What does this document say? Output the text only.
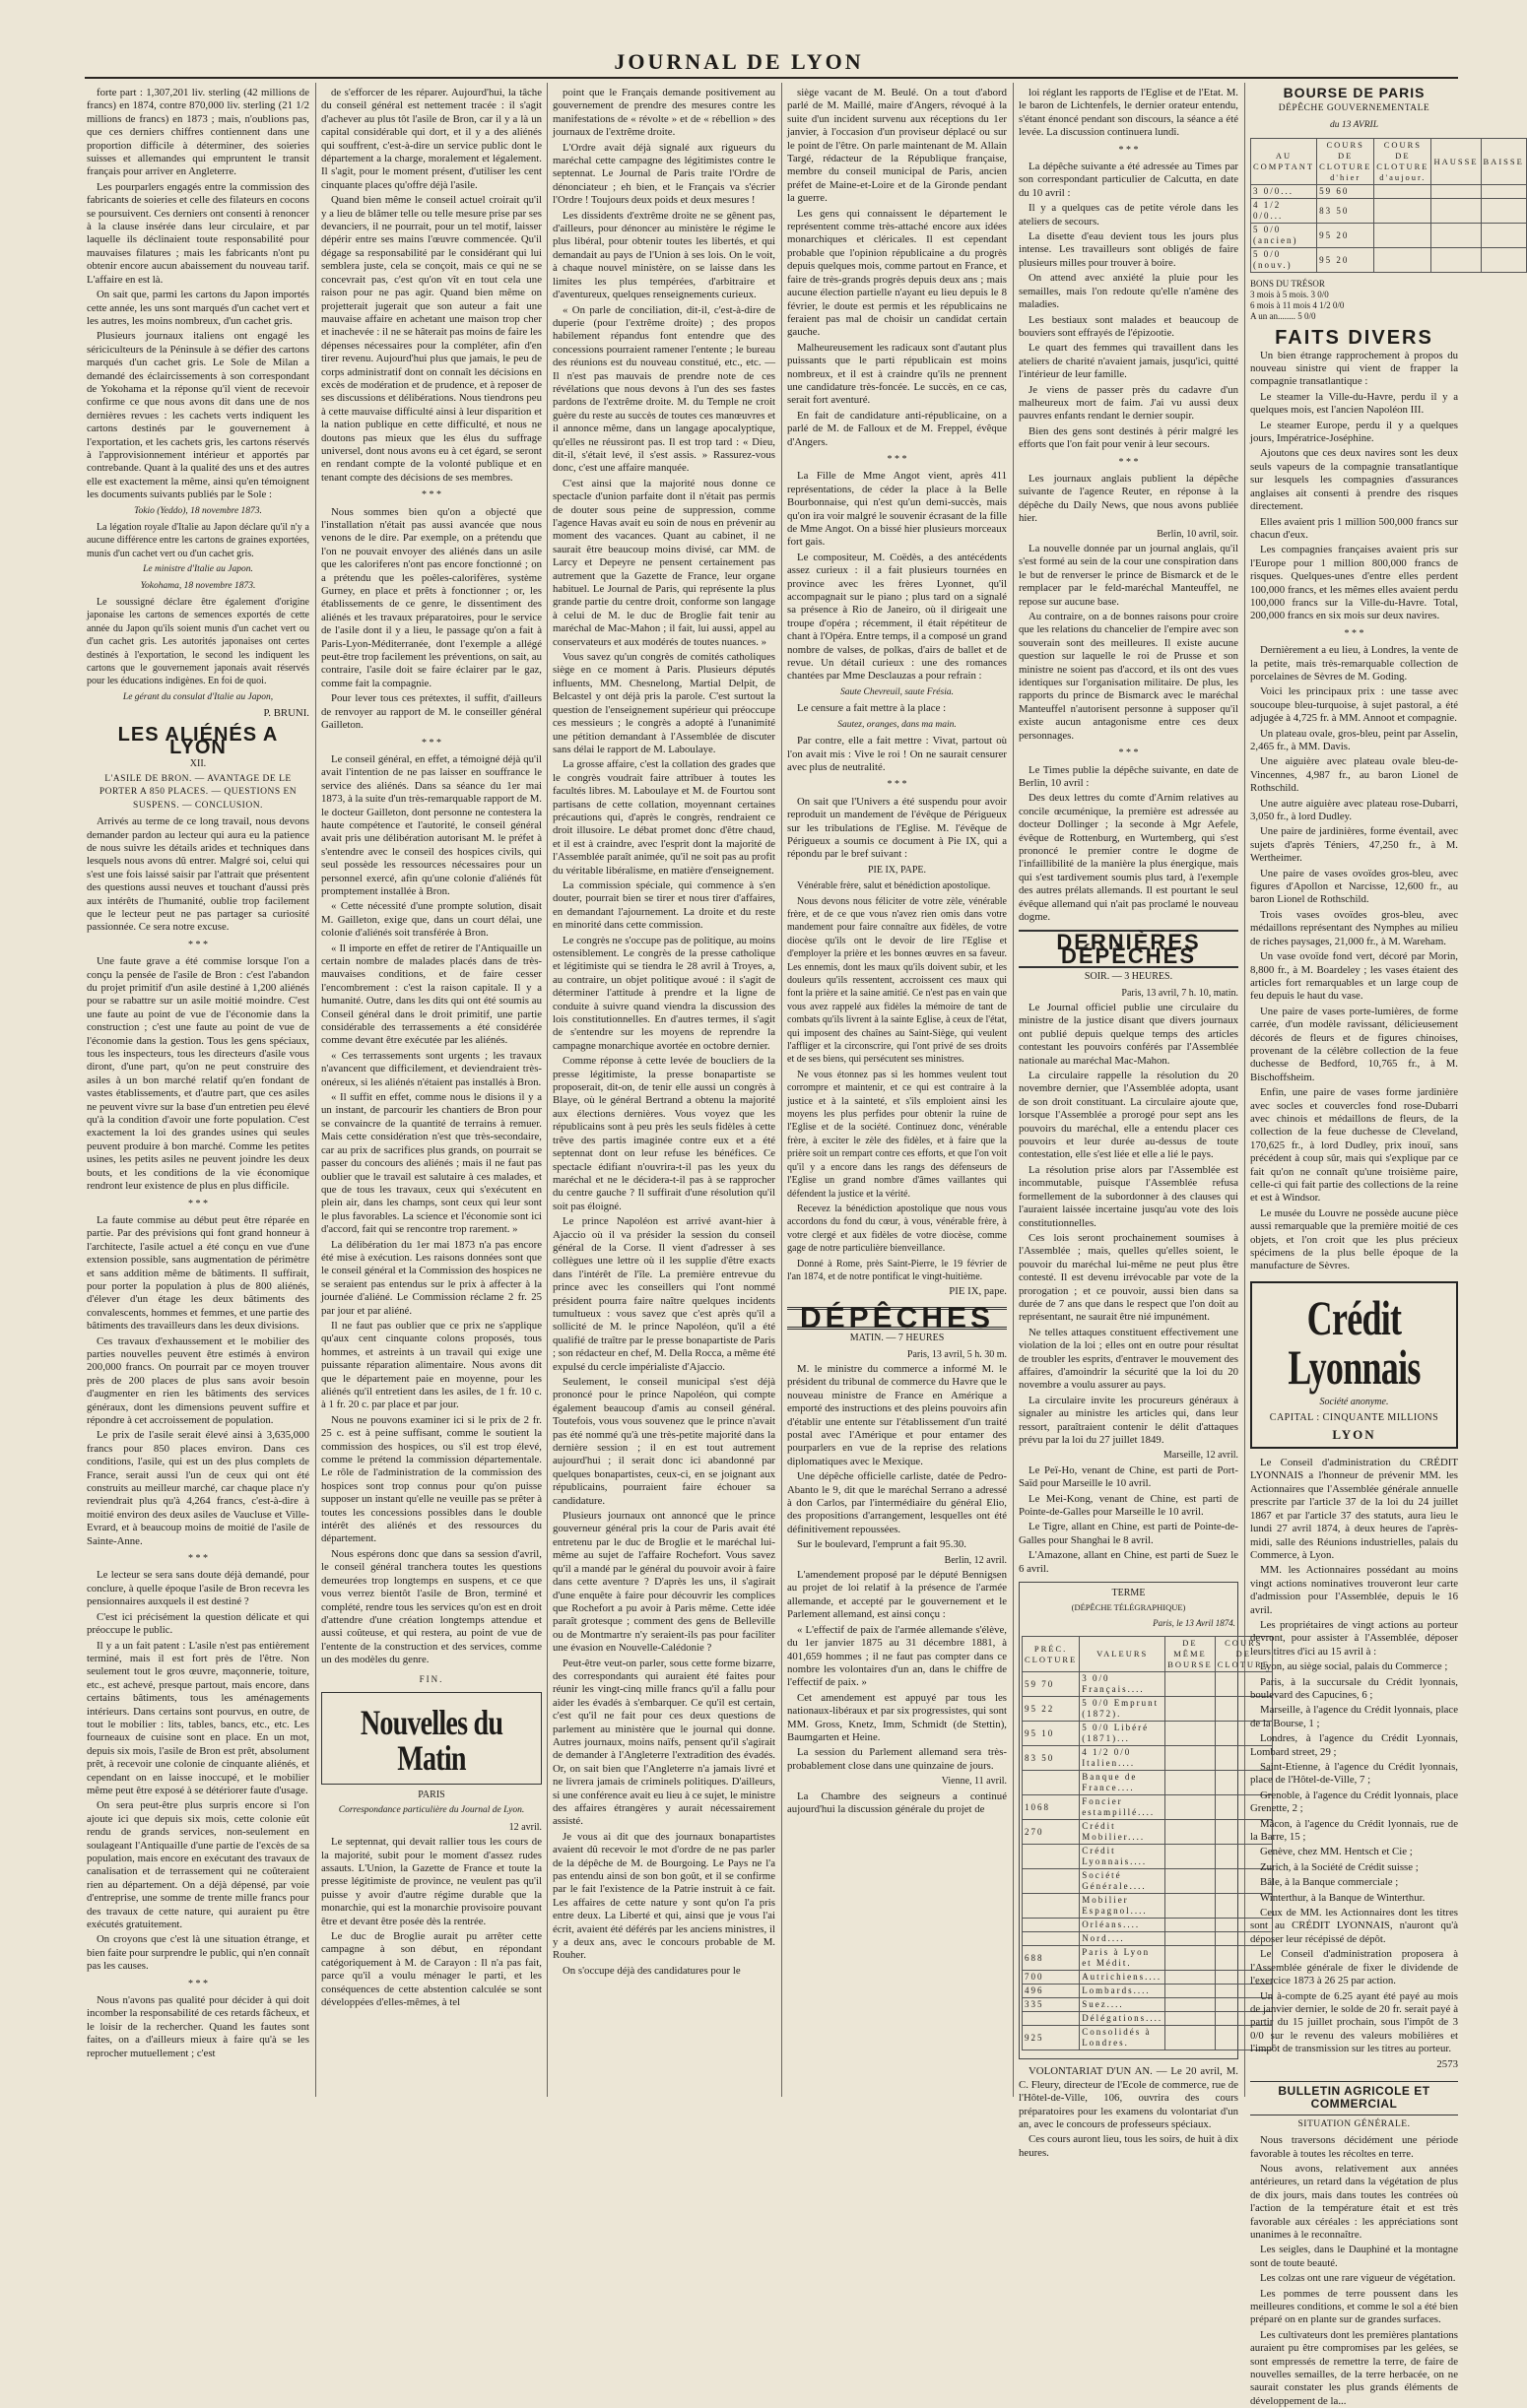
JOURNAL DE LYON

forte part : 1,307,201 liv. sterling (42 millions de francs) en 1874, contre 870,000 liv. sterling (21 1/2 millions de francs) en 1873 ; mais, n'oublions pas, que ces derniers chiffres contiennent dans une proportion difficile à déterminer, des soieries suisses et allemandes qui empruntent le transit français pour arriver en Angleterre.

Les pourparlers engagés entre la commission des fabricants de soieries et celle des filateurs en cocons se poursuivent. Ces derniers ont consenti à renoncer à la clause insérée dans leur circulaire, et par laquelle ils déclinaient toute responsabilité pour mauvaises filatures ; mais les fabricants n'ont pu obtenir encore aucun abaissement du nouveau tarif. L'affaire en est là.

On sait que, parmi les cartons du Japon importés cette année, les uns sont marqués d'un cachet vert et les autres, les moins nombreux, d'un cachet gris.

Plusieurs journaux italiens ont engagé les sériciculteurs de la Péninsule à se défier des cartons marqués d'un cachet gris. Le Sole de Milan a demandé des éclaircissements à son correspondant de Yokohama et la réponse qu'il vient de recevoir confirme ce que nous avons dit dans une de nos dernières revues : les cachets verts indiquent les cartons destinés par le gouvernement à l'exportation, et les cachets gris, les cartons réservés à l'approvisionnement intérieur et apportés par contrebande. Quant à la qualité des uns et des autres elle est exactement la même, ainsi qu'en témoignent les documents suivants publiés par le Sole :

Tokio (Yeddo), 18 novembre 1873.

La légation royale d'Italie au Japon déclare qu'il n'y a aucune différence entre les cartons de graines exportées, munis d'un cachet vert ou d'un cachet gris.

Le ministre d'Italie au Japon.

Yokohama, 18 novembre 1873.

Le soussigné déclare être également d'origine japonaise les cartons de semences exportés de cette année du Japon qu'ils soient munis d'un cachet vert ou d'un cachet gris. Les autorités japonaises ont certes destinés à l'exportation, le second les indiquent les cartons que le gouvernement japonais avait réservés pour les éducations indigènes. En foi de quoi.

Le gérant du consulat d'Italie au Japon,

P. BRUNI.

LES ALIÉNÉS A LYON

XII.

L'ASILE DE BRON. — AVANTAGE DE LE PORTER A 850 PLACES. — QUESTIONS EN SUSPENS. — CONCLUSION.

Arrivés au terme de ce long travail, nous devons demander pardon au lecteur qui aura eu la patience de nous suivre les détails arides et techniques dans lesquels nous avons dû entrer. Malgré soi, celui qui s'est une fois laissé saisir par l'attrait que présentent des questions aussi neuves et touchant d'aussi près aux intérêts de l'humanité, oublie trop facilement que le lecteur peut ne pas partager sa curiosité passionnée. Ce sera notre excuse.

* * *

Une faute grave a été commise lorsque l'on a conçu la pensée de l'asile de Bron : c'est l'abandon du projet primitif d'un asile destiné à 1,200 aliénés pour se rabattre sur un asile moitié moindre. C'est une faute au point de vue de l'économie dans la construction ; c'est une faute au point de vue de l'économie dans la gestion. Tous les gens spéciaux, tous les inspecteurs, tous les directeurs d'asile vous diront, d'une part, qu'on ne peut construire des asiles à un bon marché relatif qu'en fondant de vastes établissements, et d'autre part, que ces asiles ne peuvent vivre sur la base d'un entretien peu élevé qu'à la condition d'avoir une forte population. C'est exactement la loi des grandes usines qui seules peuvent produire à bon marché. Comme les petites usines, les petits asiles ne peuvent joindre les deux bouts, et les conditions de la vie économique rendront leur existence de plus en plus difficile.

* * *

La faute commise au début peut être réparée en partie. Par des prévisions qui font grand honneur à l'architecte, l'asile actuel a été conçu en vue d'une extension possible, sans augmentation de périmètre et sans addition même de bâtiments. Il suffirait, pour porter la population à plus de 800 aliénés, d'élever d'un étage les deux bâtiments des convalescents, hommes et femmes, et une partie des bâtiments des travailleurs dans les deux divisions.

Ces travaux d'exhaussement et le mobilier des parties nouvelles peuvent être estimés à environ 200,000 francs. On pourrait par ce moyen trouver près de 200 places de plus sans avoir besoin d'augmenter en rien les bâtiments des services généraux, dont les dimensions peuvent suffire et répondre à cet accroissement de population.

Le prix de l'asile serait élevé ainsi à 3,635,000 francs pour 850 places environ. Dans ces conditions, l'asile, qui est un des plus complets de France, serait aussi l'un de ceux qui ont été construits au meilleur marché, car chaque place n'y reviendrait plus qu'à 4,264 francs, c'est-à-dire à moitié environ des deux asiles de Vaucluse et Ville-Evrard, et à beaucoup moins de moitié de l'asile de Sainte-Anne.

* * *

Le lecteur se sera sans doute déjà demandé, pour conclure, à quelle époque l'asile de Bron recevra les pensionnaires auxquels il est destiné ?

C'est ici précisément la question délicate et qui préoccupe le public.

Il y a un fait patent : L'asile n'est pas entièrement terminé, mais il est fort près de l'être. Non seulement tout le gros œuvre, maçonnerie, toiture, etc., est achevé, presque partout, mais encore, dans certains bâtiments, tous les aménagements intérieurs. Dans certains sont pourvus, en outre, de tout le mobilier : lits, tables, bancs, etc., etc. Les fourneaux de cuisine sont en place. En un mot, depuis six mois, l'asile de Bron est prêt, absolument prêt, à recevoir une colonie de cinquante aliénés, et cependant on en laisse inoccupé, et le mobilier même peut être exposé à se détériorer faute d'usage.

On sera peut-être plus surpris encore si l'on ajoute ici que depuis six mois, cette colonie eût rendu de grands services, non-seulement en soulageant l'Antiquaille d'une partie de l'excès de sa population, mais encore en exécutant des travaux de canalisation et de terrassement qui ne coûteraient rien au département. On a déjà dépensé, par voie d'entreprise, une somme de trente mille francs pour des travaux de cette nature, qui auraient pu être exécutés gratuitement.

On croyons que c'est là une situation étrange, et bien faite pour surprendre le public, qui n'en connaît pas les causes.

* * *

Nous n'avons pas qualité pour décider à qui doit incomber la responsabilité de ces retards fâcheux, et le loisir de la rechercher. Quand les fautes sont faites, on a d'ailleurs mieux à faire qu'à se les reprocher mutuellement ; c'est

de s'efforcer de les réparer. Aujourd'hui, la tâche du conseil général est nettement tracée : il s'agit d'achever au plus tôt l'asile de Bron, car il y a là un capital considérable qui dort, et il y a des aliénés qui souffrent, c'est-à-dire un service public dont le département a la charge, moralement et légalement. Il s'agit, pour le moment présent, d'utiliser les cent cinquante places qu'offre déjà l'asile.

Quand bien même le conseil actuel croirait qu'il y a lieu de blâmer telle ou telle mesure prise par ses devanciers, il ne pourrait, pour un tel motif, laisser dépérir entre ses mains l'œuvre commencée. Qu'il dégage sa responsabilité par le considérant qui lui semblera juste, cela se conçoit, mais ce qui ne se concevrait pas, c'est qu'on vît en tout cela une raison pour ne pas agir. Quand bien même on projetterait jugerait que son auteur a fait une mauvaise affaire en achetant une maison trop cher et inachevée : il ne se hâterait pas moins de faire les dépenses nécessaires pour la compléter, afin d'en tirer revenu. Aujourd'hui plus que jamais, le peu de corps administratif dont on connaît les décisions en excès de modération et de prudence, et à reposer de ses discussions et délibérations. Nous tiendrons peu à cette mauvaise difficulté ainsi à leur disparition et la nation publique en cette difficulté, et nous ne doutons pas mieux que les élus du suffrage universel, dont nous avons eu à cet égard, se seront en rendant compte de la volonté publique et en tenant compte des décisions de ses membres.

* * *

Nous sommes bien qu'on a objecté que l'installation n'était pas aussi avancée que nous venons de le dire. Par exemple, on a prétendu que l'on ne pouvait envoyer des aliénés dans un asile que les caloriferes n'ont pas encore fonctionné ; on a prétendu que les poêles-calorifères, système Gurney, en place et prêts à fonctionner ; or, les établissements de ce genre, le dissentiment des aliénés et les travaux préparatoires, pour le service de l'asile dont il y a lieu, le passage qu'on a fait à Paris-Lyon-Méditerranée, dont l'exemple a allégé peut-être trop facilement les préventions, on sait, au contraire, l'asile doit se faire éclairer par le gaz, comme fait la compagnie.

Pour lever tous ces prétextes, il suffit, d'ailleurs de renvoyer au rapport de M. le conseiller général Gailleton.

* * *

Le conseil général, en effet, a témoigné déjà qu'il avait l'intention de ne pas laisser en souffrance le service des aliénés. Dans sa séance du 1er mai 1873, à la suite d'un très-remarquable rapport de M. le docteur Gailleton, dont personne ne contestera la haute compétence et l'autorité, le conseil général avait pris une délibération autorisant M. le préfet à s'entendre avec le conseil des hospices civils, qui seul possède les ressources nécessaires pour un personnel exercé, afin qu'une colonie d'aliénés fût promptement installée à Bron.

« Cette nécessité d'une prompte solution, disait M. Gailleton, exige que, dans un court délai, une colonie d'aliénés soit transférée à Bron.

« Il importe en effet de retirer de l'Antiquaille un certain nombre de malades placés dans de très-mauvaises conditions, et de faire cesser l'encombrement : c'est la raison capitale. Il y a humanité. Outre, dans les dits qui ont été soumis au Conseil général dans le droit primitif, une partie considérable des terrassements a été considérée comme devant être exécutée par les aliénés.

« Ces terrassements sont urgents ; les travaux n'avancent que difficilement, et deviendraient très-onéreux, si les aliénés n'étaient pas installés à Bron.

« Il suffit en effet, comme nous le disions il y a un instant, de parcourir les chantiers de Bron pour se convaincre de la quantité de terrains à remuer. Mais cette considération n'est que très-secondaire, car au prix de sacrifices plus grands, on pourrait se passer du concours des aliénés ; mais il ne faut pas oublier que le travail est salutaire à ces malades, et que de tous les travaux, ceux qui s'exécutent en plein air, dans les champs, sont ceux qui leur sont le plus favorables. La science et l'économie sont ici d'accord, fait qui se rencontre trop rarement. »

La délibération du 1er mai 1873 n'a pas encore été mise à exécution. Les raisons données sont que le conseil général et la Commission des hospices ne se seraient pas entendus sur le prix à affecter à la journée d'aliéné. Le Commission réclame 2 fr. 25 par jour et par aliéné.

Il ne faut pas oublier que ce prix ne s'applique qu'aux cent cinquante colons proposés, tous hommes, et astreints à un travail qui exige une puissante réparation alimentaire. Nous avons dit que le département paie en moyenne, pour les aliénés qu'il entretient dans les asiles, de 1 fr. 10 c. à 1 fr. 20 c. par place et par jour.

Nous ne pouvons examiner ici si le prix de 2 fr. 25 c. est à peine suffisant, comme le soutient la commission des hospices, ou s'il est trop élevé, comme le prétend la commission départementale. Le rôle de l'administration de la commission des hospices sont trop connus pour qu'on puisse supposer un instant qu'elle ne veuille pas se prêter à toutes les concessions possibles dans le double intérêt des aliénés et des ressources du département.

Nous espérons donc que dans sa session d'avril, le conseil général tranchera toutes les questions demeurées trop longtemps en suspens, et ce que vous verrez bientôt l'asile de Bron, terminé et complété, rendre tous les services qu'on est en droit d'attendre d'une création longtemps attendue et aussi coûteuse, et qui restera, au point de vue de l'entente de la construction et des services, comme un des modèles du genre.

FIN.

Nouvelles du Matin

PARIS

Correspondance particulière du Journal de Lyon.

12 avril.

Le septennat, qui devait rallier tous les cours de la majorité, subit pour le moment d'assez rudes assauts. L'Union, la Gazette de France et toute la presse légitimiste de province, ne veulent pas qu'il puisse y avoir d'autre régime durable que la monarchie, qui est la monarchie provisoire pouvant être et devant être posée dès la rentrée.

Le duc de Broglie aurait pu arrêter cette campagne à son début, en répondant catégoriquement à M. de Carayon : Il n'a pas fait, parce qu'il a voulu ménager le parti, et les conséquences de cette abstention calculée se sont développées d'elles-mêmes, à tel

point que le Français demande positivement au gouvernement de prendre des mesures contre les manifestations de « révolte » et de « rébellion » des journaux de l'extrême droite.

L'Ordre avait déjà signalé aux rigueurs du maréchal cette campagne des légitimistes contre le septennat. Le Journal de Paris traite l'Ordre de dénonciateur ; eh bien, et le Français va s'écrier l'Ordre ! Toujours deux poids et deux mesures !

Les dissidents d'extrême droite ne se gênent pas, d'ailleurs, pour dénoncer au ministère le régime le plus libéral, pour obtenir toutes les libertés, et qui demandait au pays de l'Union à ses lois. On le voit, à chaque nouvel ministère, on se laisse dans les limites les plus tempérées, d'arbitraire et d'aventureux, quelques renseignements curieux.

« On parle de conciliation, dit-il, c'est-à-dire de duperie (pour l'extrême droite) ; des propos habilement répandus font entendre que des concessions pourraient ramener l'entente ; le bureau des réunions est du nouveau constitué, etc., etc. — Il n'est pas mauvais de prendre note de ces révélations que nous devons à l'un des ses fastes pardons de l'extrême droite. M. du Temple ne croit guère du reste au succès de toutes ces manœuvres et il annonce même, dans un langage apocalyptique, qu'elles ne réussiront pas. Il est trop tard : « Dieu, dit-il, s'était levé, il s'est assis. » Rassurez-vous donc, c'est une affaire manquée.

C'est ainsi que la majorité nous donne ce spectacle d'union parfaite dont il n'était pas permis de douter sous peine de suppression, comme l'agence Havas avait eu soin de nous en prévenir au moment des vacances. Quant au cabinet, il ne saurait être beaucoup moins divisé, car MM. de Larcy et Depeyre ne pensent certainement pas autrement que la Gazette de France, leur organe habituel. Le Journal de Paris, qui représente la plus grande partie du centre droit, conforme son langage à celui de M. le duc de Broglie fait tenir au maréchal de Mac-Mahon ; il fait, lui aussi, appel au conservateurs et aux modérés de toutes nuances. »

Vous savez qu'un congrès de comités catholiques siège en ce moment à Paris. Plusieurs députés influents, MM. Chesnelong, Martial Delpit, de Belcastel y ont déjà pris la parole. C'est surtout la question de l'enseignement supérieur qui préoccupe ces messieurs ; le congrès a adopté à l'unanimité une pétition demandant à l'Assemblée de discuter sans délai le rapport de M. Laboulaye.

La grosse affaire, c'est la collation des grades que le congrès voudrait faire attribuer à toutes les facultés libres. M. Laboulaye et M. de Fourtou sont partisans de cette collation, moyennant certaines précautions qui, d'après le congrès, rendraient ce droit illusoire. Le débat promet donc d'être chaud, et il est à craindre, avec l'esprit dont la majorité de l'Assemblée paraît animée, qu'il ne soit pas au profit du véritable libéralisme, en matière d'enseignement.

La commission spéciale, qui commence à s'en douter, pourrait bien se tirer et nous tirer d'affaires, en demandant l'ajournement. La droite et du reste en minorité dans cette commission.

Le congrès ne s'occupe pas de politique, au moins ostensiblement. Le congrès de la presse catholique et légitimiste qui se tiendra le 28 avril à Troyes, a, au contraire, un objet politique avoué : il s'agit de déterminer l'attitude à prendre et la ligne de conduite à suivre quand viendra la discussion des lois constitutionnelles. En d'autres termes, il s'agit de s'entendre sur les moyens de reprendre la campagne monarchique avortée en octobre dernier.

Comme réponse à cette levée de boucliers de la presse légitimiste, la presse bonapartiste se proposerait, dit-on, de tenir elle aussi un congrès à Blaye, où le général Bertrand a obtenu la majorité aux élections dernières. Vous voyez que les républicains sont à peu près les seuls fidèles à cette trêve des partis imaginée contre eux et a été septennat dont on leur refuse les bénéfices. Ce spectacle édifiant n'ouvrira-t-il pas les yeux du maréchal et ne le décidera-t-il pas à se rapprocher du centre gauche ? Il suffirait d'une résolution qu'il soit pas éloigné.

Le prince Napoléon est arrivé avant-hier à Ajaccio où il va présider la session du conseil général de la Corse. Il vient d'adresser à ses collègues une lettre où il les supplie d'être exacts dans l'intérêt de l'île. La première entrevue du prince avec les conseillers qui l'ont nommé président pourra faire naître quelques incidents tumultueux : vous savez que c'est après qu'il a sollicité de M. le prince Napoléon, qu'il a été qualifié de traître par le presse bonapartiste de Paris ; son rédacteur en chef, M. Della Rocca, a même été expulsé du cercle impérialiste d'Ajaccio.

Seulement, le conseil municipal s'est déjà prononcé pour le prince Napoléon, qui compte également beaucoup d'amis au conseil général. Toutefois, vous vous souvenez que le prince n'avait pas été nommé qu'à une très-petite majorité dans la dernière session ; il en est tout autrement aujourd'hui ; il serait donc ici abandonné par quelques bonapartistes, ceux-ci, en se joignant aux républicains, pourraient faire échouer sa candidature.

Plusieurs journaux ont annoncé que le prince gouverneur général pris la cour de Paris avait été entretenu par le duc de Broglie et le maréchal lui-même au sujet de l'affaire Rochefort. Vous savez qu'il a mandé par le général du pouvoir avoir à faire dans cette aventure ? D'après les uns, il s'agirait d'une enquête à faire pour découvrir les complices que Rochefort a pu avoir à Paris même. Cette idée paraît grotesque ; comment des gens de Belleville ou de Montmartre n'y seraient-ils pas pour faciliter une évasion en Nouvelle-Calédonie ?

Peut-être veut-on parler, sous cette forme bizarre, des correspondants qui auraient été faites pour réunir les vingt-cinq mille francs qu'il a fallu pour aider les évadés à s'embarquer. Ce qu'il est certain, c'est qu'il ne fait pour ces deux questions de parlement au ministère que le journal qui donne. Autres journaux, moins naïfs, pensent qu'il s'agirait de demander à l'Angleterre l'extradition des évadés. Or, on sait bien que l'Angleterre n'a jamais livré et ne livrera jamais de criminels politiques. D'ailleurs, si une conférence avait eu lieu à ce sujet, le ministre des affaires étrangères y aurait nécessairement assisté.

Je vous ai dit que des journaux bonapartistes avaient dû recevoir le mot d'ordre de ne pas parler de la dépêche de M. de Bourgoing. Le Pays ne l'a pas entendu ainsi de son bon goût, et il se confirme par le fait l'existence de la Patrie instruit à ce fait. Les affaires de cette nature y sont qu'on l'a pris entre deux. La Liberté et qui, ainsi que je vous l'ai écrit, avaient été déférés par les anciens ministres, il y a deux ans, avec le concours probable de M. Rouher.

On s'occupe déjà des candidatures pour le

siège vacant de M. Beulé. On a tout d'abord parlé de M. Maillé, maire d'Angers, révoqué à la suite d'un incident survenu aux réceptions du 1er janvier, à l'occasion d'un proviseur déplacé ou sur le point de l'être. On parle maintenant de M. Allain Targé, rédacteur de la République française, membre du conseil municipal de Paris, ancien préfet de Maine-et-Loire et de la Gironde pendant la guerre.

Les gens qui connaissent le département le représentent comme très-attaché encore aux idées monarchiques et cléricales. Il est cependant probable que l'opinion républicaine a du progrès depuis quelques mois, comme partout en France, et faire de très-grands progrès depuis deux ans ; mais aucune élection partielle n'ayant eu lieu depuis le 8 février, le doute est permis et les républicains ne feraient pas mal de choisir un candidat certain gauche.

Malheureusement les radicaux sont d'autant plus puissants que le parti républicain est moins nombreux, et il est à craindre qu'ils ne prennent une candidature très-foncée. Le succès, en ce cas, serait fort aventuré.

En fait de candidature anti-républicaine, on a parlé de M. de Falloux et de M. Freppel, évêque d'Angers.

* * *

La Fille de Mme Angot vient, après 411 représentations, de céder la place à la Belle Bourbonnaise, qui n'est qu'un demi-succès, mais qu'on ira voir malgré le souvenir écrasant de la fille de Mme Angot. On a bissé hier plusieurs morceaux fort gais.

Le compositeur, M. Coëdès, a des antécédents assez curieux : il a fait plusieurs tournées en province avec les frères Lyonnet, qu'il accompagnait sur le piano ; plus tard on a signalé sa présence à Rio de Janeiro, où il dirigeait une troupe d'opéra ; récemment, il était répétiteur de chant à l'Opéra. Entre temps, il a composé un grand nombre de valses, de polkas, d'airs de ballet et de revue. Un détail curieux : une des romances chantées par Mme Desclauzas a pour refrain :

Saute Chevreuil, saute Frésia.

Le censure a fait mettre à la place :

Sautez, oranges, dans ma main.

Par contre, elle a fait mettre : Vivat, partout où l'on avait mis : Vive le roi ! On ne saurait censurer avec plus de neutralité.

* * *

On sait que l'Univers a été suspendu pour avoir reproduit un mandement de l'évêque de Périgueux sur les tribulations de l'Eglise. M. l'évêque de Périgueux a soumis ce document à Pie IX, qui a répondu par le bref suivant :

PIE IX, PAPE.

Vénérable frère, salut et bénédiction apostolique.

Nous devons nous féliciter de votre zèle, vénérable frère, et de ce que vous n'avez rien omis dans votre mandement pour faire connaître aux fidèles, de votre diocèse qu'ils ont le devoir de lire l'Eglise et d'employer la prière et les bonnes œuvres en sa faveur. Les ennemis, dont les maux qu'ils doivent subir, et les douleurs qu'ils ressentent, accroissent ces maux qui font la prière et la saine amitié. Ce n'est pas en vain que vous avez rappelé aux fidèles la mémoire de tant de combats qu'ils livrent à la sainte Eglise, à ceux de l'état, qui imposent des chaînes au Saint-Siège, qui veulent l'affliger et la circonscrire, qui l'ont privé de ses droits et de ses biens, qui persécutent ses ministres.

Ne vous étonnez pas si les hommes veulent tout corrompre et maintenir, et ce qui est contraire à la justice et à la sainteté, et s'ils emploient ainsi les moyens les plus perfides pour obtenir la ruine de l'Eglise et de la société. Continuez donc, vénérable frère, à exciter le zèle des fidèles, et à faire que la prière soit un rempart contre ces efforts, et que l'on voit qu'il y a encore dans les rangs des défenseurs de l'Eglise un grand nombre d'âmes vaillantes qui défendent la justice et la vérité.

Recevez la bénédiction apostolique que nous vous accordons du fond du cœur, à vous, vénérable frère, à votre clergé et aux fidèles de votre diocèse, comme gage de notre particulière bienveillance.

Donné à Rome, près Saint-Pierre, le 19 février de l'an 1874, et de notre pontificat le vingt-huitième.

PIE IX, pape.

DÉPÊCHES

MATIN. — 7 HEURES

Paris, 13 avril, 5 h. 30 m.

M. le ministre du commerce a informé M. le président du tribunal de commerce du Havre que le nouveau ministre de France en Amérique a emporté des instructions et des pleins pouvoirs afin d'établir une entente sur l'établissement d'un traité postal avec l'Amérique et pour entamer des pourparlers en vue de la reprise des relations diplomatiques avec le Mexique.

Une dépêche officielle carliste, datée de Pedro-Abanto le 9, dit que le maréchal Serrano a adressé à don Carlos, par l'intermédiaire du général Elio, des propositions d'arrangement, lesquelles ont été définitivement repoussées.

Sur le boulevard, l'emprunt a fait 95.30.

Berlin, 12 avril.

L'amendement proposé par le député Bennigsen au projet de loi relatif à la présence de l'armée allemande, et accepté par le gouvernement et le Parlement allemand, est ainsi conçu :

« L'effectif de paix de l'armée allemande s'élève, du 1er janvier 1875 au 31 décembre 1881, à 401,659 hommes ; il ne faut pas compter dans ce nombre les volontaires d'un an, dans le chiffre de l'effectif de paix. »

Cet amendement est appuyé par tous les nationaux-libéraux et par six progressistes, qui sont MM. Gross, Knetz, Imm, Schmidt (de Stettin), Baumgarten et Heine.

La session du Parlement allemand sera très-probablement close dans une quinzaine de jours.

Vienne, 11 avril.

La Chambre des seigneurs a continué aujourd'hui la discussion générale du projet de

loi réglant les rapports de l'Eglise et de l'Etat. M. le baron de Lichtenfels, le dernier orateur entendu, s'étant énoncé pendant son discours, la séance a été levée. La discussion continuera lundi.

* * *

La dépêche suivante a été adressée au Times par son correspondant particulier de Calcutta, en date du 10 avril :

Il y a quelques cas de petite vérole dans les ateliers de secours.

La disette d'eau devient tous les jours plus intense. Les travailleurs sont obligés de faire plusieurs milles pour trouver à boire.

On attend avec anxiété la pluie pour les semailles, mais l'on redoute qu'elle n'amène des maladies.

Les bestiaux sont malades et beaucoup de bouviers sont effrayés de l'épizootie.

Le quart des femmes qui travaillent dans les ateliers de charité n'avaient jamais, jusqu'ici, quitté l'intérieur de leur famille.

Je viens de passer près du cadavre d'un malheureux mort de faim. J'ai vu aussi deux pauvres enfants rendant le dernier soupir.

Bien des gens sont destinés à périr malgré les efforts que l'on fait pour venir à leur secours.

* * *

Les journaux anglais publient la dépêche suivante de l'agence Reuter, en réponse à la dépêche du Daily News, que nous avons publiée hier.

Berlin, 10 avril, soir.

La nouvelle donnée par un journal anglais, qu'il s'est formé au sein de la cour une conspiration dans le but de renverser le prince de Bismarck et de le remplacer par le feld-maréchal Manteuffel, ne repose sur aucune base.

Au contraire, on a de bonnes raisons pour croire que les relations du chancelier de l'empire avec son souverain sont des meilleures. Il existe aucune question sur laquelle le roi de Prusse et son ministre ne soient pas d'accord, et ils ont des vues identiques sur l'organisation militaire. De plus, les rapports du prince de Bismarck avec le maréchal Manteuffel n'autorisent personne à supposer qu'il existe aucun antagonisme entre ces deux personnages.

* * *

Le Times publie la dépêche suivante, en date de Berlin, 10 avril :

Des deux lettres du comte d'Arnim relatives au concile œcuménique, la première est adressée au docteur Dollinger ; la seconde à Mgr Aefele, évêque de Rottenburg, en Wurtemberg, qui s'est prononcé le premier contre le dogme de l'infaillibilité de la manière la plus énergique, mais qui s'est tardivement soumis plus tard, à l'exemple des autres prélats allemands. Il est pourtant le seul évêque allemand qui n'ait pas proclamé le nouveau dogme.

DERNIÈRES DÉPÊCHES

SOIR. — 3 HEURES.

Paris, 13 avril, 7 h. 10, matin.

Le Journal officiel publie une circulaire du ministre de la justice disant que divers journaux ont publié depuis quelque temps des articles contestant les pouvoirs conférés par l'Assemblée nationale au maréchal Mac-Mahon.

La circulaire rappelle la résolution du 20 novembre dernier, que l'Assemblée adopta, usant de son droit constituant. La circulaire ajoute que, lorsque l'Assemblée a prorogé pour sept ans les pouvoirs du maréchal, elle a entendu placer ces pouvoirs et leur durée au-dessus de toute contestation, elle s'est liée et elle a lié le pays.

La résolution prise alors par l'Assemblée est incommutable, puisque l'Assemblée refusa formellement de la subordonner à des clauses qui l'auraient laissée incertaine jusqu'au vote des lois constitutionnelles.

Ces lois seront prochainement soumises à l'Assemblée ; mais, quelles qu'elles soient, le pouvoir du maréchal lui-même ne peut plus être contesté. Il est devenu irrévocable par vote de la prorogation ; et ce pouvoir, aussi bien dans sa durée de 7 ans que dans le respect que l'on doit au représentant, ne saurait être nié impunément.

Ne telles attaques constituent effectivement une violation de la loi ; elles ont en outre pour résultat de troubler les esprits, d'entraver le mouvement des affaires, d'amoindrir la sécurité que la loi du 20 novembre a voulu assurer au pays.

La circulaire invite les procureurs généraux à signaler au ministre les articles qui, dans leur ressort, paraîtraient contenir le délit d'attaques prévu par la loi du 27 juillet 1849.

Marseille, 12 avril.

Le Peï-Ho, venant de Chine, est parti de Port-Saïd pour Marseille le 10 avril.

Le Mei-Kong, venant de Chine, est parti de Pointe-de-Galles pour Marseille le 10 avril.

Le Tigre, allant en Chine, est parti de Pointe-de-Galles pour Shanghai le 8 avril.

L'Amazone, allant en Chine, est parti de Suez le 6 avril.

TERME
(DÉPÊCHE TÉLÉGRAPHIQUE)
Paris, le 13 Avril 1874.
PRÉC. CLOTURE	VALEURS	DE MÊME BOURSE	COURS DE CLOTURE
59 70	3 0/0 Français....		
95 22	5 0/0 Emprunt (1872).		
95 10	5 0/0 Libéré (1871)...		
83 50	4 1/2 0/0 Italien....		
	Banque de France....		
1068	Foncier estampillé....		
270	Crédit Mobilier....		
	Crédit Lyonnais....		
	Société Générale....		
	Mobilier Espagnol....		
	Orléans....		
	Nord....		
688	Paris à Lyon et Médit.		
700	Autrichiens....		
496	Lombards....		
335	Suez....		
	Délégations....		
925	Consolidés à Londres.		

VOLONTARIAT D'UN AN. — Le 20 avril, M. C. Fleury, directeur de l'Ecole de commerce, rue de l'Hôtel-de-Ville, 106, ouvrira des cours préparatoires pour les examens du volontariat d'un an, avec le concours de professeurs spéciaux.

Ces cours auront lieu, tous les soirs, de huit à dix heures.

BOURSE DE PARIS

DÉPÊCHE GOUVERNEMENTALE

du 13 AVRIL

AU COMPTANT	COURS DE CLOTURE d'hier	COURS DE CLOTURE d'aujour.	HAUSSE	BAISSE
3 0/0...	59 60			
4 1/2 0/0...	83 50			
5 0/0 (ancien)	95 20			
5 0/0 (nouv.)	95 20			
BONS DU TRÉSOR
3 mois à 5 mois. 3 0/0
6 mois à 11 mois 4 1/2 0/0
A un an........ 5 0/0
FAITS DIVERS

Un bien étrange rapprochement à propos du nouveau sinistre qui vient de frapper la compagnie transatlantique :

Le steamer la Ville-du-Havre, perdu il y a quelques mois, est l'ancien Napoléon III.

Le steamer Europe, perdu il y a quelques jours, Impératrice-Joséphine.

Ajoutons que ces deux navires sont les deux seuls vapeurs de la compagnie transatlantique sur lesquels les compagnies d'assurances anglaises ait consenti à prendre des risques directement.

Elles avaient pris 1 million 500,000 francs sur chacun d'eux.

Les compagnies françaises avaient pris sur l'Europe pour 1 million 800,000 francs de risques. Quelques-unes d'entre elles perdent 100,000 francs, et les mêmes elles avaient perdu 100,000 francs sur la Ville-du-Havre. Total, 200,000 francs en six mois sur deux navires.

* * *

Dernièrement a eu lieu, à Londres, la vente de la petite, mais très-remarquable collection de porcelaines de Sèvres de M. Goding.

Voici les principaux prix : une tasse avec soucoupe bleu-turquoise, à sujet pastoral, a été adjugée à 4,725 fr. à MM. Annoot et compagnie.

Un plateau ovale, gros-bleu, peint par Asselin, 2,465 fr., à MM. Davis.

Une aiguière avec plateau ovale bleu-de-Vincennes, 4,987 fr., au baron Lionel de Rothschild.

Une autre aiguière avec plateau rose-Dubarri, 3,050 fr., à lord Dudley.

Une paire de jardinières, forme éventail, avec sujets d'après Téniers, 47,250 fr., à M. Wertheimer.

Une paire de vases ovoïdes gros-bleu, avec figures d'Apollon et Narcisse, 12,600 fr., au baron Lionel de Rothschild.

Trois vases ovoïdes gros-bleu, avec médaillons représentant des Nymphes au milieu de riches paysages, 21,000 fr., à M. Wareham.

Un vase ovoïde fond vert, décoré par Morin, 8,800 fr., à M. Boardeley ; les vases étaient des articles fort remarquables et un large coup de feu depuis le haut du vase.

Une paire de vases porte-lumières, de forme carrée, d'un modèle ravissant, délicieusement décorés de fleurs et de figures chinoises, provenant de la célèbre collection de la feue duchesse de Bedford, 10,765 fr., à M. Bischoffsheim.

Enfin, une paire de vases forme jardinière avec socles et couvercles fond rose-Dubarri avec chinois et médaillons de fleurs, de la collection de la feue duchesse de Cleveland, 170,625 fr., à lord Dudley, prix inouï, sans précédent à coup sûr, mais qui s'explique par ce fait qu'on ne connaît qu'une troisième paire, celle-ci qui fait partie des collections de la reine et est à Windsor.

Le musée du Louvre ne possède aucune pièce aussi remarquable que la première moitié de ces objets, et l'on croit que les plus précieux spécimens de la plus belle époque de la manufacture de Sèvres.

Crédit Lyonnais
Société anonyme.
CAPITAL : CINQUANTE MILLIONS
LYON

Le Conseil d'administration du CRÉDIT LYONNAIS a l'honneur de prévenir MM. les Actionnaires que l'Assemblée générale annuelle prescrite par l'article 37 de la loi du 24 juillet 1867 et par l'article 37 des statuts, aura lieu le lundi 27 avril 1874, à deux heures de l'après-midi, salle des Réunions industrielles, palais du Commerce, à Lyon.

MM. les Actionnaires possédant au moins vingt actions nominatives trouveront leur carte d'admission pour l'Assemblée, depuis le 16 avril.

Les propriétaires de vingt actions au porteur devront, pour assister à l'Assemblée, déposer leurs titres d'ici au 15 avril à :

Lyon, au siège social, palais du Commerce ;

Paris, à la succursale du Crédit lyonnais, boulevard des Capucines, 6 ;

Marseille, à l'agence du Crédit lyonnais, place de la Bourse, 1 ;

Londres, à l'agence du Crédit Lyonnais, Lombard street, 29 ;

Saint-Etienne, à l'agence du Crédit lyonnais, place de l'Hôtel-de-Ville, 7 ;

Grenoble, à l'agence du Crédit lyonnais, place Grenette, 2 ;

Mâcon, à l'agence du Crédit lyonnais, rue de la Barre, 15 ;

Genève, chez MM. Hentsch et Cie ;

Zurich, à la Société de Crédit suisse ;

Bâle, à la Banque commerciale ;

Winterthur, à la Banque de Winterthur.

Ceux de MM. les Actionnaires dont les titres sont au CRÉDIT LYONNAIS, n'auront qu'à déposer leur récépissé de dépôt.

Le Conseil d'administration proposera à l'Assemblée générale de fixer le dividende de l'exercice 1873 à 26 25 par action.

Un à-compte de 6.25 ayant été payé au mois de janvier dernier, le solde de 20 fr. serait payé à partir du 15 juillet prochain, sous l'impôt de 3 0/0 sur le revenu des valeurs mobilières et l'impôt de transmission sur les titres au porteur.

2573

BULLETIN AGRICOLE ET COMMERCIAL

SITUATION GÉNÉRALE.

Nous traversons décidément une période favorable à toutes les récoltes en terre.

Nous avons, relativement aux années antérieures, un retard dans la végétation de plus de dix jours, mais dans toutes les contrées où l'action de la température était et est très favorable aux céréales : les appréciations sont unanimes à le reconnaître.

Les seigles, dans le Dauphiné et la montagne sont de toute beauté.

Les colzas ont une rare vigueur de végétation.

Les pommes de terre poussent dans les meilleures conditions, et comme le sol a été bien préparé on en plante sur de grandes surfaces.

Les cultivateurs dont les premières plantations auraient pu être compromises par les gelées, se sont empressés de remettre la terre, de faire de nouvelles semailles, de la terre herbacée, on ne saurait constater les plus grands éléments de développement de la...
